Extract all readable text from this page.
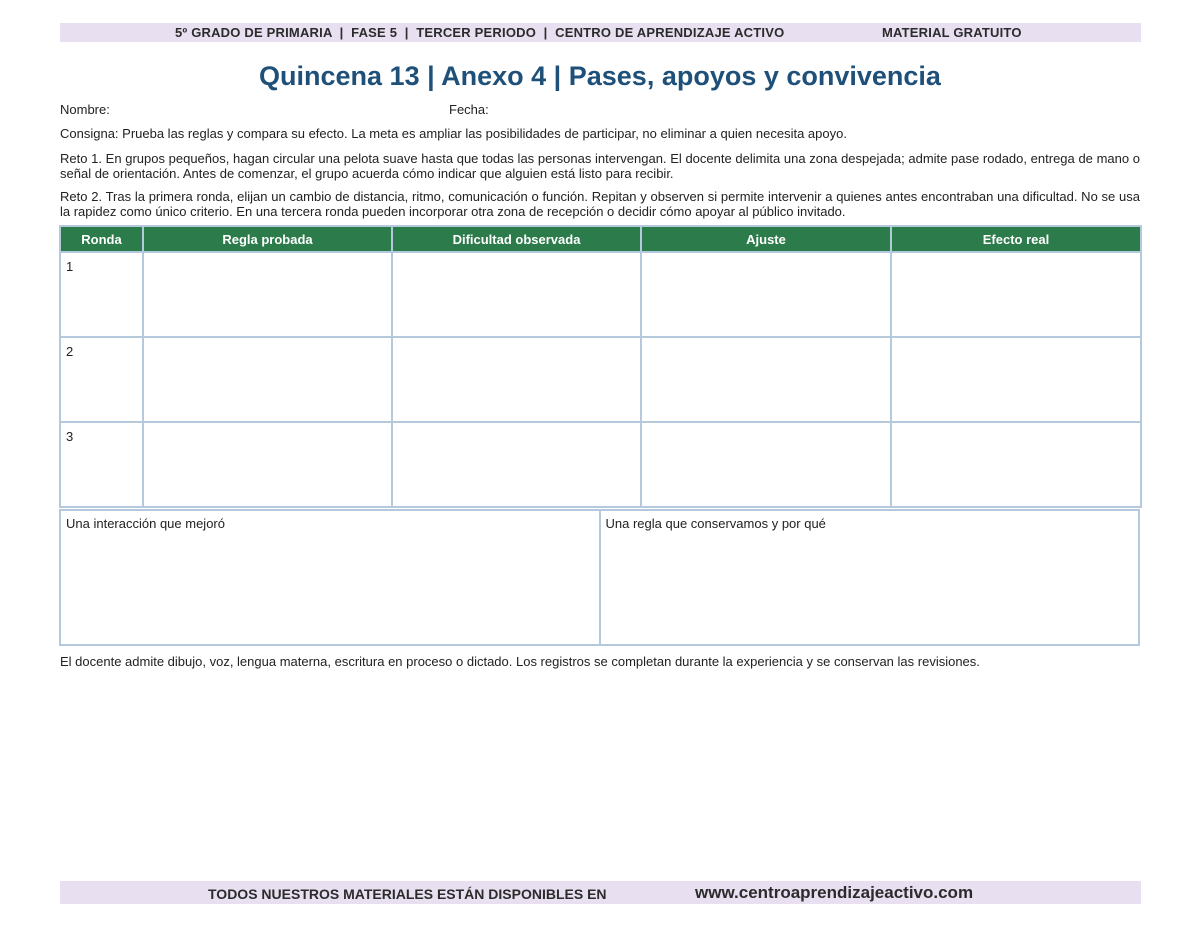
5º GRADO DE PRIMARIA  |  FASE 5  |  TERCER PERIODO  |  CENTRO DE APRENDIZAJE ACTIVO	MATERIAL GRATUITO
Quincena 13 | Anexo 4 | Pases, apoyos y convivencia
Nombre:	Fecha:
Consigna: Prueba las reglas y compara su efecto. La meta es ampliar las posibilidades de participar, no eliminar a quien necesita apoyo.
Reto 1. En grupos pequeños, hagan circular una pelota suave hasta que todas las personas intervengan. El docente delimita una zona despejada; admite pase rodado, entrega de mano o señal de orientación. Antes de comenzar, el grupo acuerda cómo indicar que alguien está listo para recibir.
Reto 2. Tras la primera ronda, elijan un cambio de distancia, ritmo, comunicación o función. Repitan y observen si permite intervenir a quienes antes encontraban una dificultad. No se usa la rapidez como único criterio. En una tercera ronda pueden incorporar otra zona de recepción o decidir cómo apoyar al público invitado.
Ronda	Regla probada	Dificultad observada	Ajuste	Efecto real
1				
2				
3				
Una interacción que mejoró	Una regla que conservamos y por qué
El docente admite dibujo, voz, lengua materna, escritura en proceso o dictado. Los registros se completan durante la experiencia y se conservan las revisiones.
TODOS NUESTROS MATERIALES ESTÁN DISPONIBLES EN	www.centroaprendizajeactivo.com
